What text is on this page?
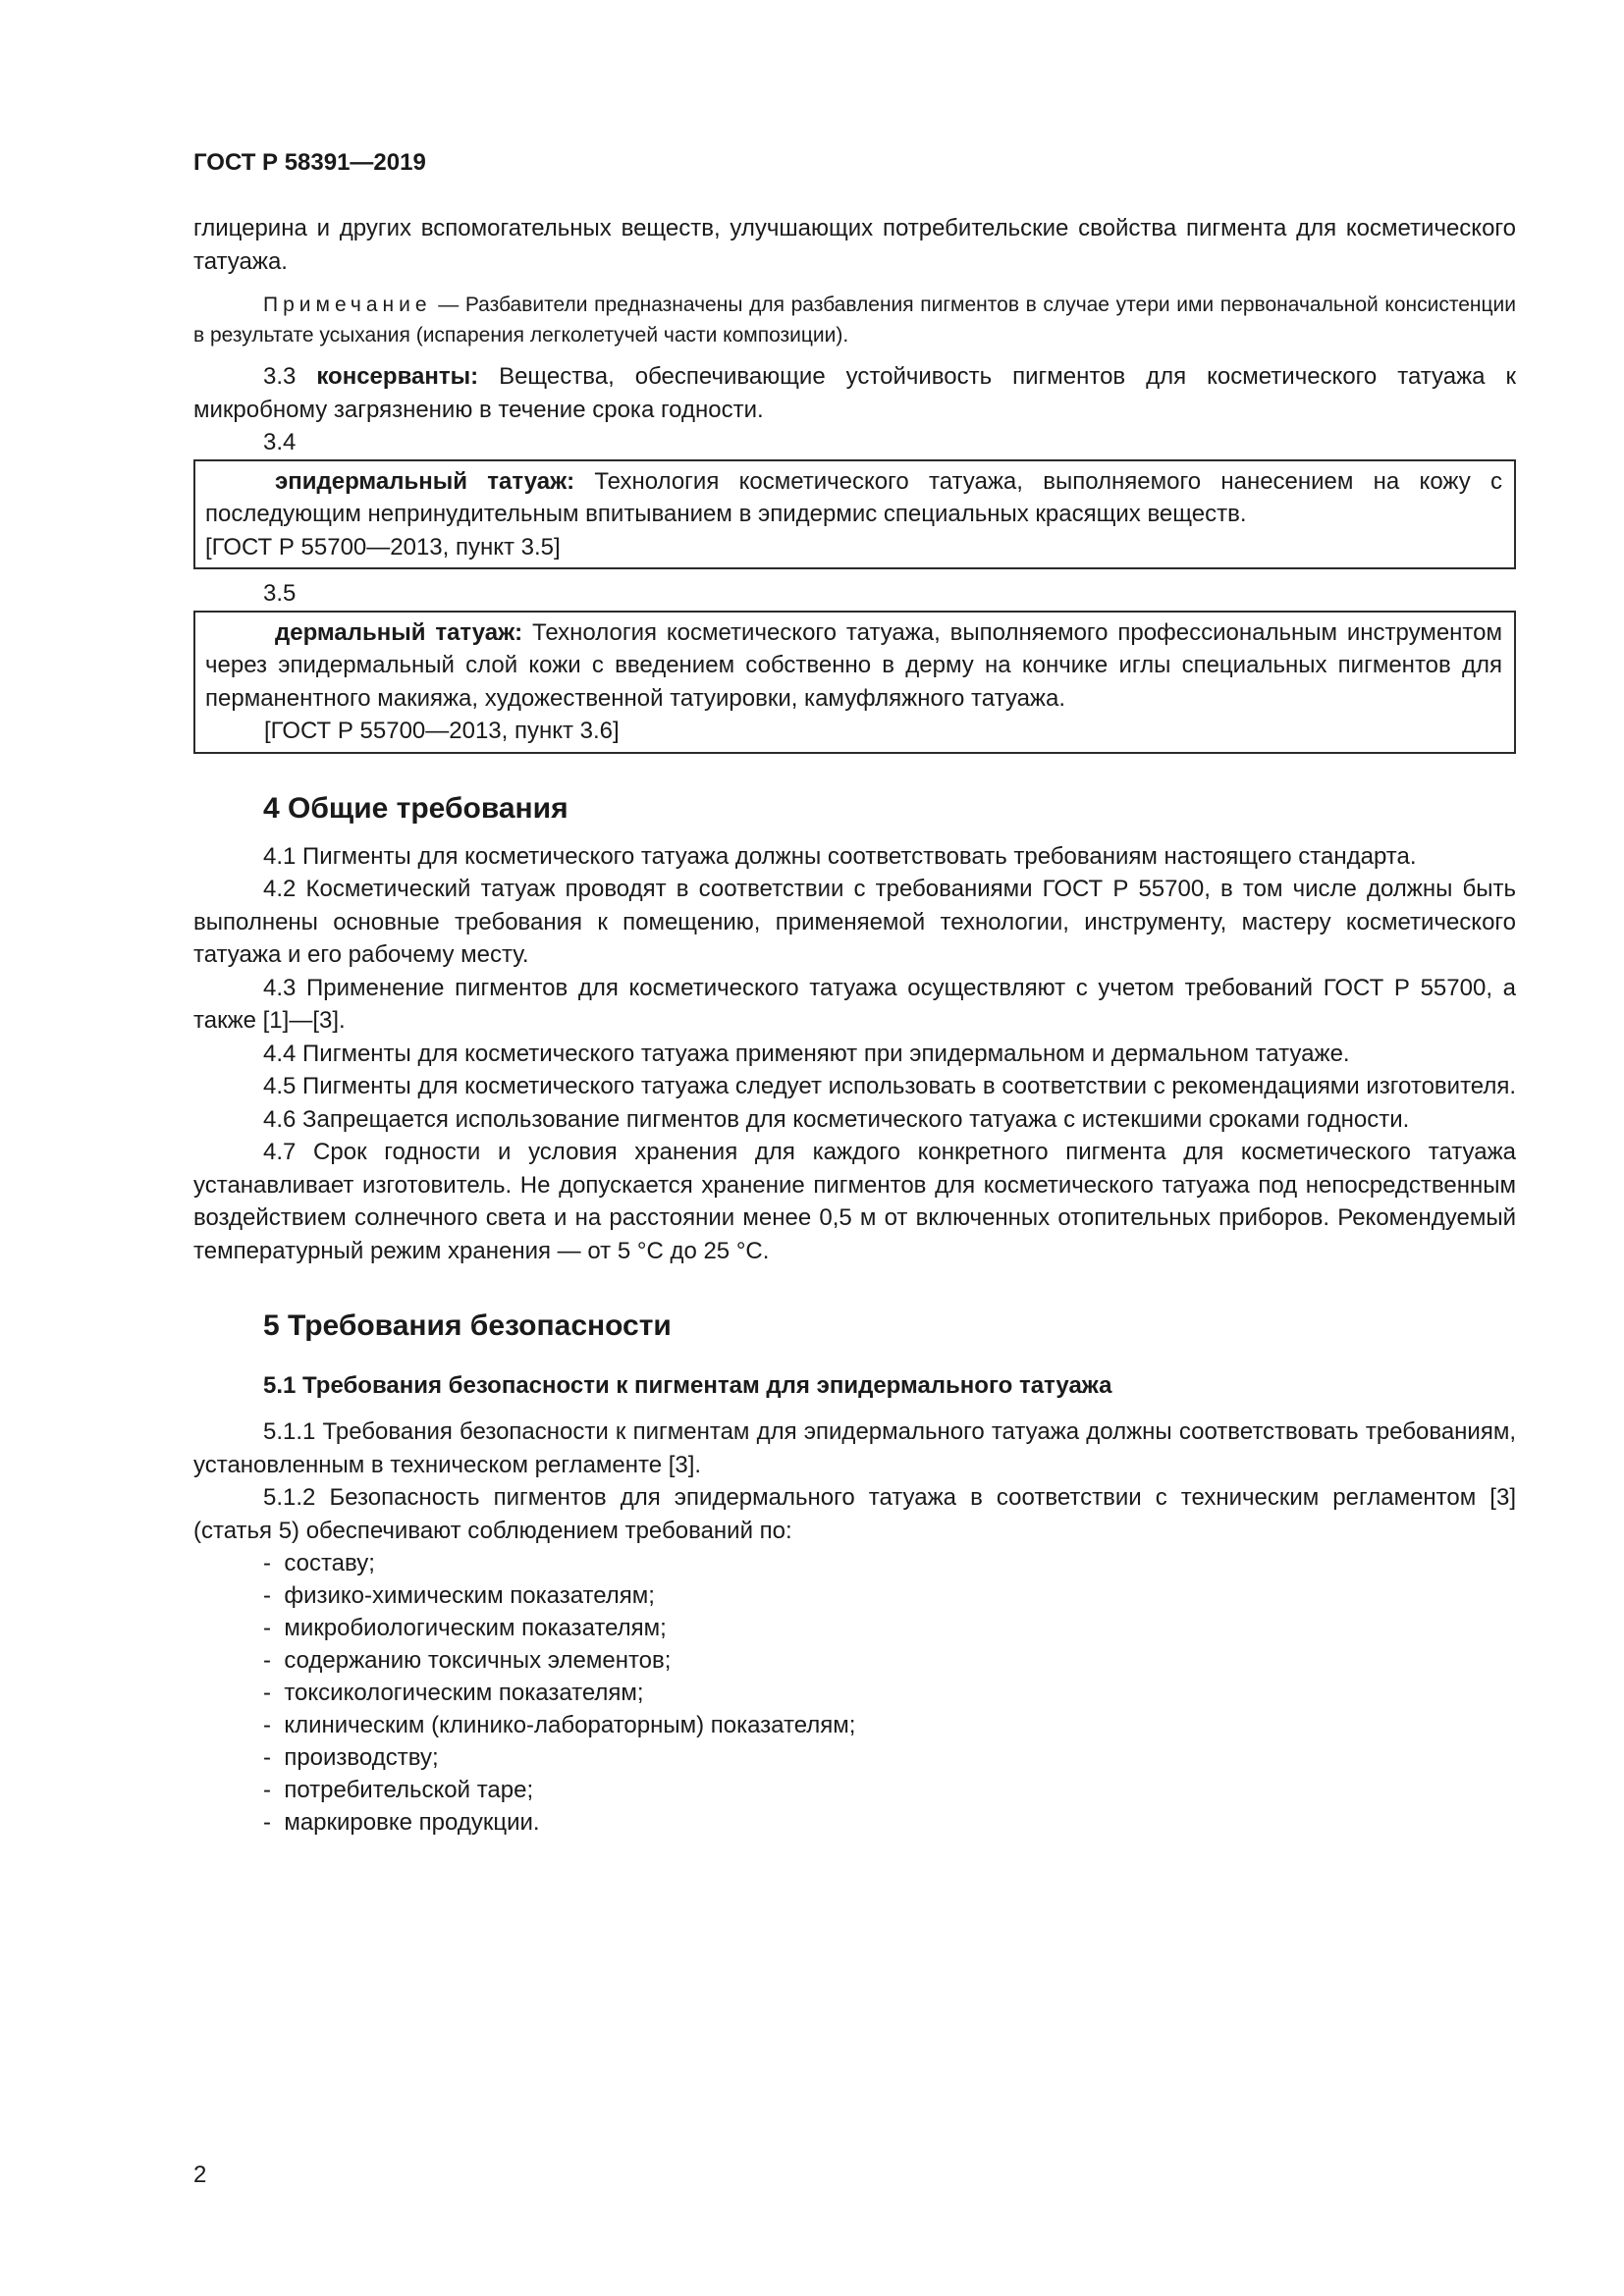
ГОСТ Р 58391—2019

глицерина и других вспомогательных веществ, улучшающих потребительские свойства пигмента для косметического татуажа.

Примечание — Разбавители предназначены для разбавления пигментов в случае утери ими первоначальной консистенции в результате усыхания (испарения легколетучей части композиции).

3.3 консерванты: Вещества, обеспечивающие устойчивость пигментов для косметического татуажа к микробному загрязнению в течение срока годности.

3.4

эпидермальный татуаж: Технология косметического татуажа, выполняемого нанесением на кожу с последующим непринудительным впитыванием в эпидермис специальных красящих веществ.

[ГОСТ Р 55700—2013, пункт 3.5]

3.5

дермальный татуаж: Технология косметического татуажа, выполняемого профессиональным инструментом через эпидермальный слой кожи с введением собственно в дерму на кончике иглы специальных пигментов для перманентного макияжа, художественной татуировки, камуфляжного татуажа.

[ГОСТ Р 55700—2013, пункт 3.6]

4 Общие требования

4.1 Пигменты для косметического татуажа должны соответствовать требованиям настоящего стандарта.

4.2 Косметический татуаж проводят в соответствии с требованиями ГОСТ Р 55700, в том числе должны быть выполнены основные требования к помещению, применяемой технологии, инструменту, мастеру косметического татуажа и его рабочему месту.

4.3 Применение пигментов для косметического татуажа осуществляют с учетом требований ГОСТ Р 55700, а также [1]—[3].

4.4 Пигменты для косметического татуажа применяют при эпидермальном и дермальном татуаже.

4.5 Пигменты для косметического татуажа следует использовать в соответствии с рекомендациями изготовителя.

4.6 Запрещается использование пигментов для косметического татуажа с истекшими сроками годности.

4.7 Срок годности и условия хранения для каждого конкретного пигмента для косметического татуажа устанавливает изготовитель. Не допускается хранение пигментов для косметического татуажа под непосредственным воздействием солнечного света и на расстоянии менее 0,5 м от включенных отопительных приборов. Рекомендуемый температурный режим хранения — от 5 °С до 25 °С.

5 Требования безопасности
5.1 Требования безопасности к пигментам для эпидермального татуажа

5.1.1 Требования безопасности к пигментам для эпидермального татуажа должны соответствовать требованиям, установленным в техническом регламенте [3].

5.1.2 Безопасность пигментов для эпидермального татуажа в соответствии с техническим регламентом [3] (статья 5) обеспечивают соблюдением требований по:

-  составу;
-  физико-химическим показателям;
-  микробиологическим показателям;
-  содержанию токсичных элементов;
-  токсикологическим показателям;
-  клиническим (клинико-лабораторным) показателям;
-  производству;
-  потребительской таре;
-  маркировке продукции.
2
